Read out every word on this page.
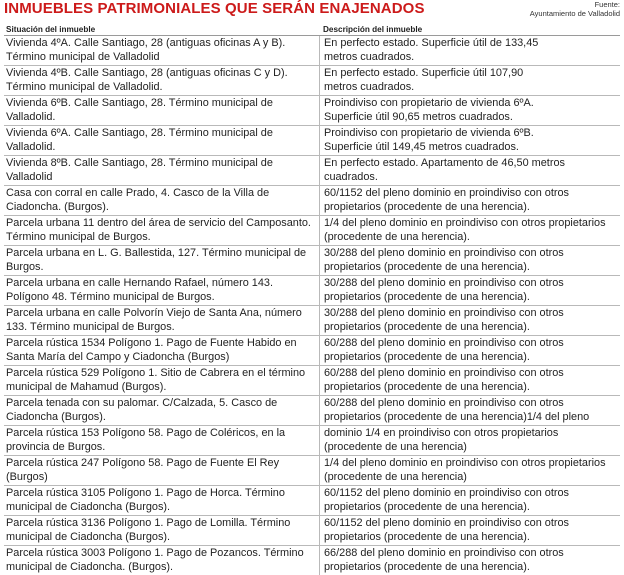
INMUEBLES PATRIMONIALES QUE SERÁN ENAJENADOS	Fuente:
Ayuntamiento de Valladolid
Situación del inmueble	Descripción del inmueble
Vivienda 4ºA. Calle Santiago, 28 (antiguas oficinas A y B).
Término municipal de Valladolid
En perfecto estado. Superficie útil de 133,45
metros cuadrados.
Vivienda 4ºB. Calle Santiago, 28 (antiguas oficinas C y D).
Término municipal de Valladolid.
En perfecto estado. Superficie útil 107,90
metros cuadrados.
Vivienda 6ºB. Calle Santiago, 28. Término municipal de
Valladolid.
Proindiviso con propietario de vivienda 6ºA.
Superficie útil 90,65 metros cuadrados.
Vivienda 6ºA. Calle Santiago, 28. Término municipal de
Valladolid.
Proindiviso con propietario de vivienda 6ºB.
Superficie útil 149,45 metros cuadrados.
Vivienda 8ºB. Calle Santiago, 28. Término municipal de
Valladolid
En perfecto estado. Apartamento de 46,50 metros
cuadrados.
Casa con corral en calle Prado, 4. Casco de la Villa de
Ciadoncha. (Burgos).
60/1152 del pleno dominio en proindiviso con otros
propietarios (procedente de una herencia).
Parcela urbana 11 dentro del área de servicio del Camposanto.
Término municipal de Burgos.
1/4 del pleno dominio en proindiviso con otros propietarios
(procedente de una herencia).
Parcela urbana en L. G. Ballestida, 127. Término municipal de
Burgos.
30/288 del pleno dominio en proindiviso con otros
propietarios (procedente de una herencia).
Parcela urbana en calle Hernando Rafael, número 143.
Polígono 48. Término municipal de Burgos.
30/288 del pleno dominio en proindiviso con otros
propietarios (procedente de una herencia).
Parcela urbana en calle Polvorín Viejo de Santa Ana, número
133. Término municipal de Burgos.
30/288 del pleno dominio en proindiviso con otros
propietarios (procedente de una herencia).
Parcela rústica 1534 Polígono 1. Pago de Fuente Habido en
Santa María del Campo y Ciadoncha (Burgos)
60/288 del pleno dominio en proindiviso con otros
propietarios (procedente de una herencia).
Parcela rústica 529 Polígono 1. Sitio de Cabrera en el término
municipal de Mahamud (Burgos).
60/288 del pleno dominio en proindiviso con otros
propietarios (procedente de una herencia).
Parcela tenada con su palomar. C/Calzada, 5. Casco de
Ciadoncha (Burgos).
60/288 del pleno dominio en proindiviso con otros
propietarios (procedente de una herencia)1/4 del pleno
Parcela rústica 153 Polígono 58. Pago de Coléricos, en la
provincia de Burgos.
dominio 1/4 en proindiviso con otros propietarios
(procedente de una herencia)
Parcela rústica 247 Polígono 58. Pago de Fuente El Rey
(Burgos)
1/4 del pleno dominio en proindiviso con otros propietarios
(procedente de una herencia)
Parcela rústica 3105 Polígono 1. Pago de Horca. Término
municipal de Ciadoncha (Burgos).
60/1152 del pleno dominio en proindiviso con otros
propietarios (procedente de una herencia).
Parcela rústica 3136 Polígono 1. Pago de Lomilla. Término
municipal de Ciadoncha (Burgos).
60/1152 del pleno dominio en proindiviso con otros
propietarios (procedente de una herencia).
Parcela rústica 3003 Polígono 1. Pago de Pozancos. Término
municipal de Ciadoncha. (Burgos).
66/288 del pleno dominio en proindiviso con otros
propietarios (procedente de una herencia).
